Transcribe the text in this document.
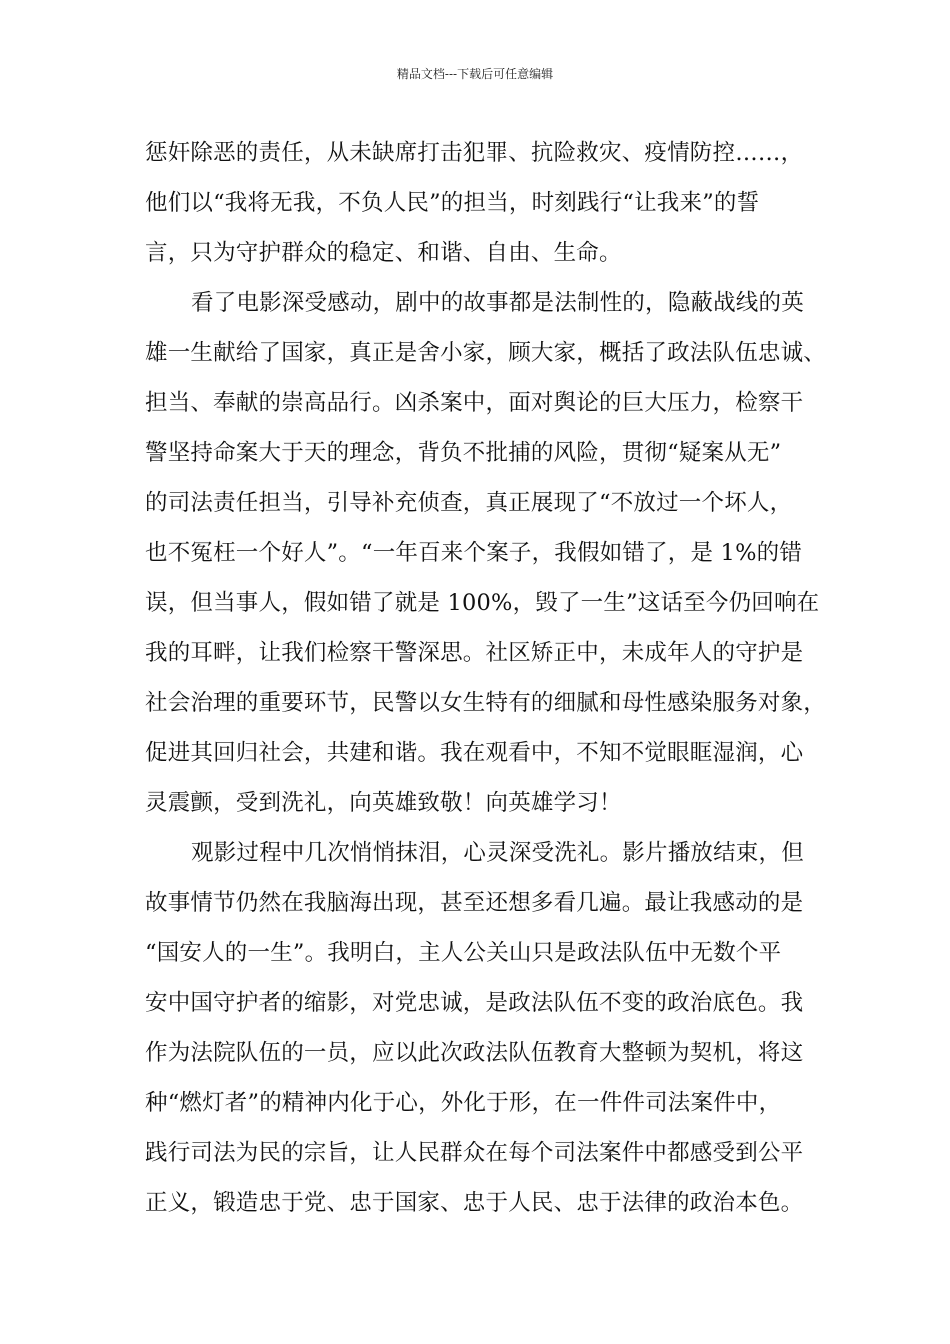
精品文档---下载后可任意编辑
惩奸除恶的责任，从未缺席打击犯罪、抗险救灾、疫情防控……，
他们以“我将无我，不负人民”的担当，时刻践行“让我来”的誓
言，只为守护群众的稳定、和谐、自由、生命。
看了电影深受感动，剧中的故事都是法制性的，隐蔽战线的英
雄一生献给了国家，真正是舍小家，顾大家，概括了政法队伍忠诚、
担当、奉献的崇高品行。凶杀案中，面对舆论的巨大压力，检察干
警坚持命案大于天的理念，背负不批捕的风险，贯彻“疑案从无”
的司法责任担当，引导补充侦查，真正展现了“不放过一个坏人，
也不冤枉一个好人”。“一年百来个案子，我假如错了，是 1%的错
误，但当事人，假如错了就是 100%，毁了一生”这话至今仍回响在
我的耳畔，让我们检察干警深思。社区矫正中，未成年人的守护是
社会治理的重要环节，民警以女生特有的细腻和母性感染服务对象，
促进其回归社会，共建和谐。我在观看中，不知不觉眼眶湿润，心
灵震颤，受到洗礼，向英雄致敬！向英雄学习！
观影过程中几次悄悄抹泪，心灵深受洗礼。影片播放结束，但
故事情节仍然在我脑海出现，甚至还想多看几遍。最让我感动的是
“国安人的一生”。我明白，主人公关山只是政法队伍中无数个平
安中国守护者的缩影，对党忠诚，是政法队伍不变的政治底色。我
作为法院队伍的一员，应以此次政法队伍教育大整顿为契机，将这
种“燃灯者”的精神内化于心，外化于形，在一件件司法案件中，
践行司法为民的宗旨，让人民群众在每个司法案件中都感受到公平
正义，锻造忠于党、忠于国家、忠于人民、忠于法律的政治本色。
